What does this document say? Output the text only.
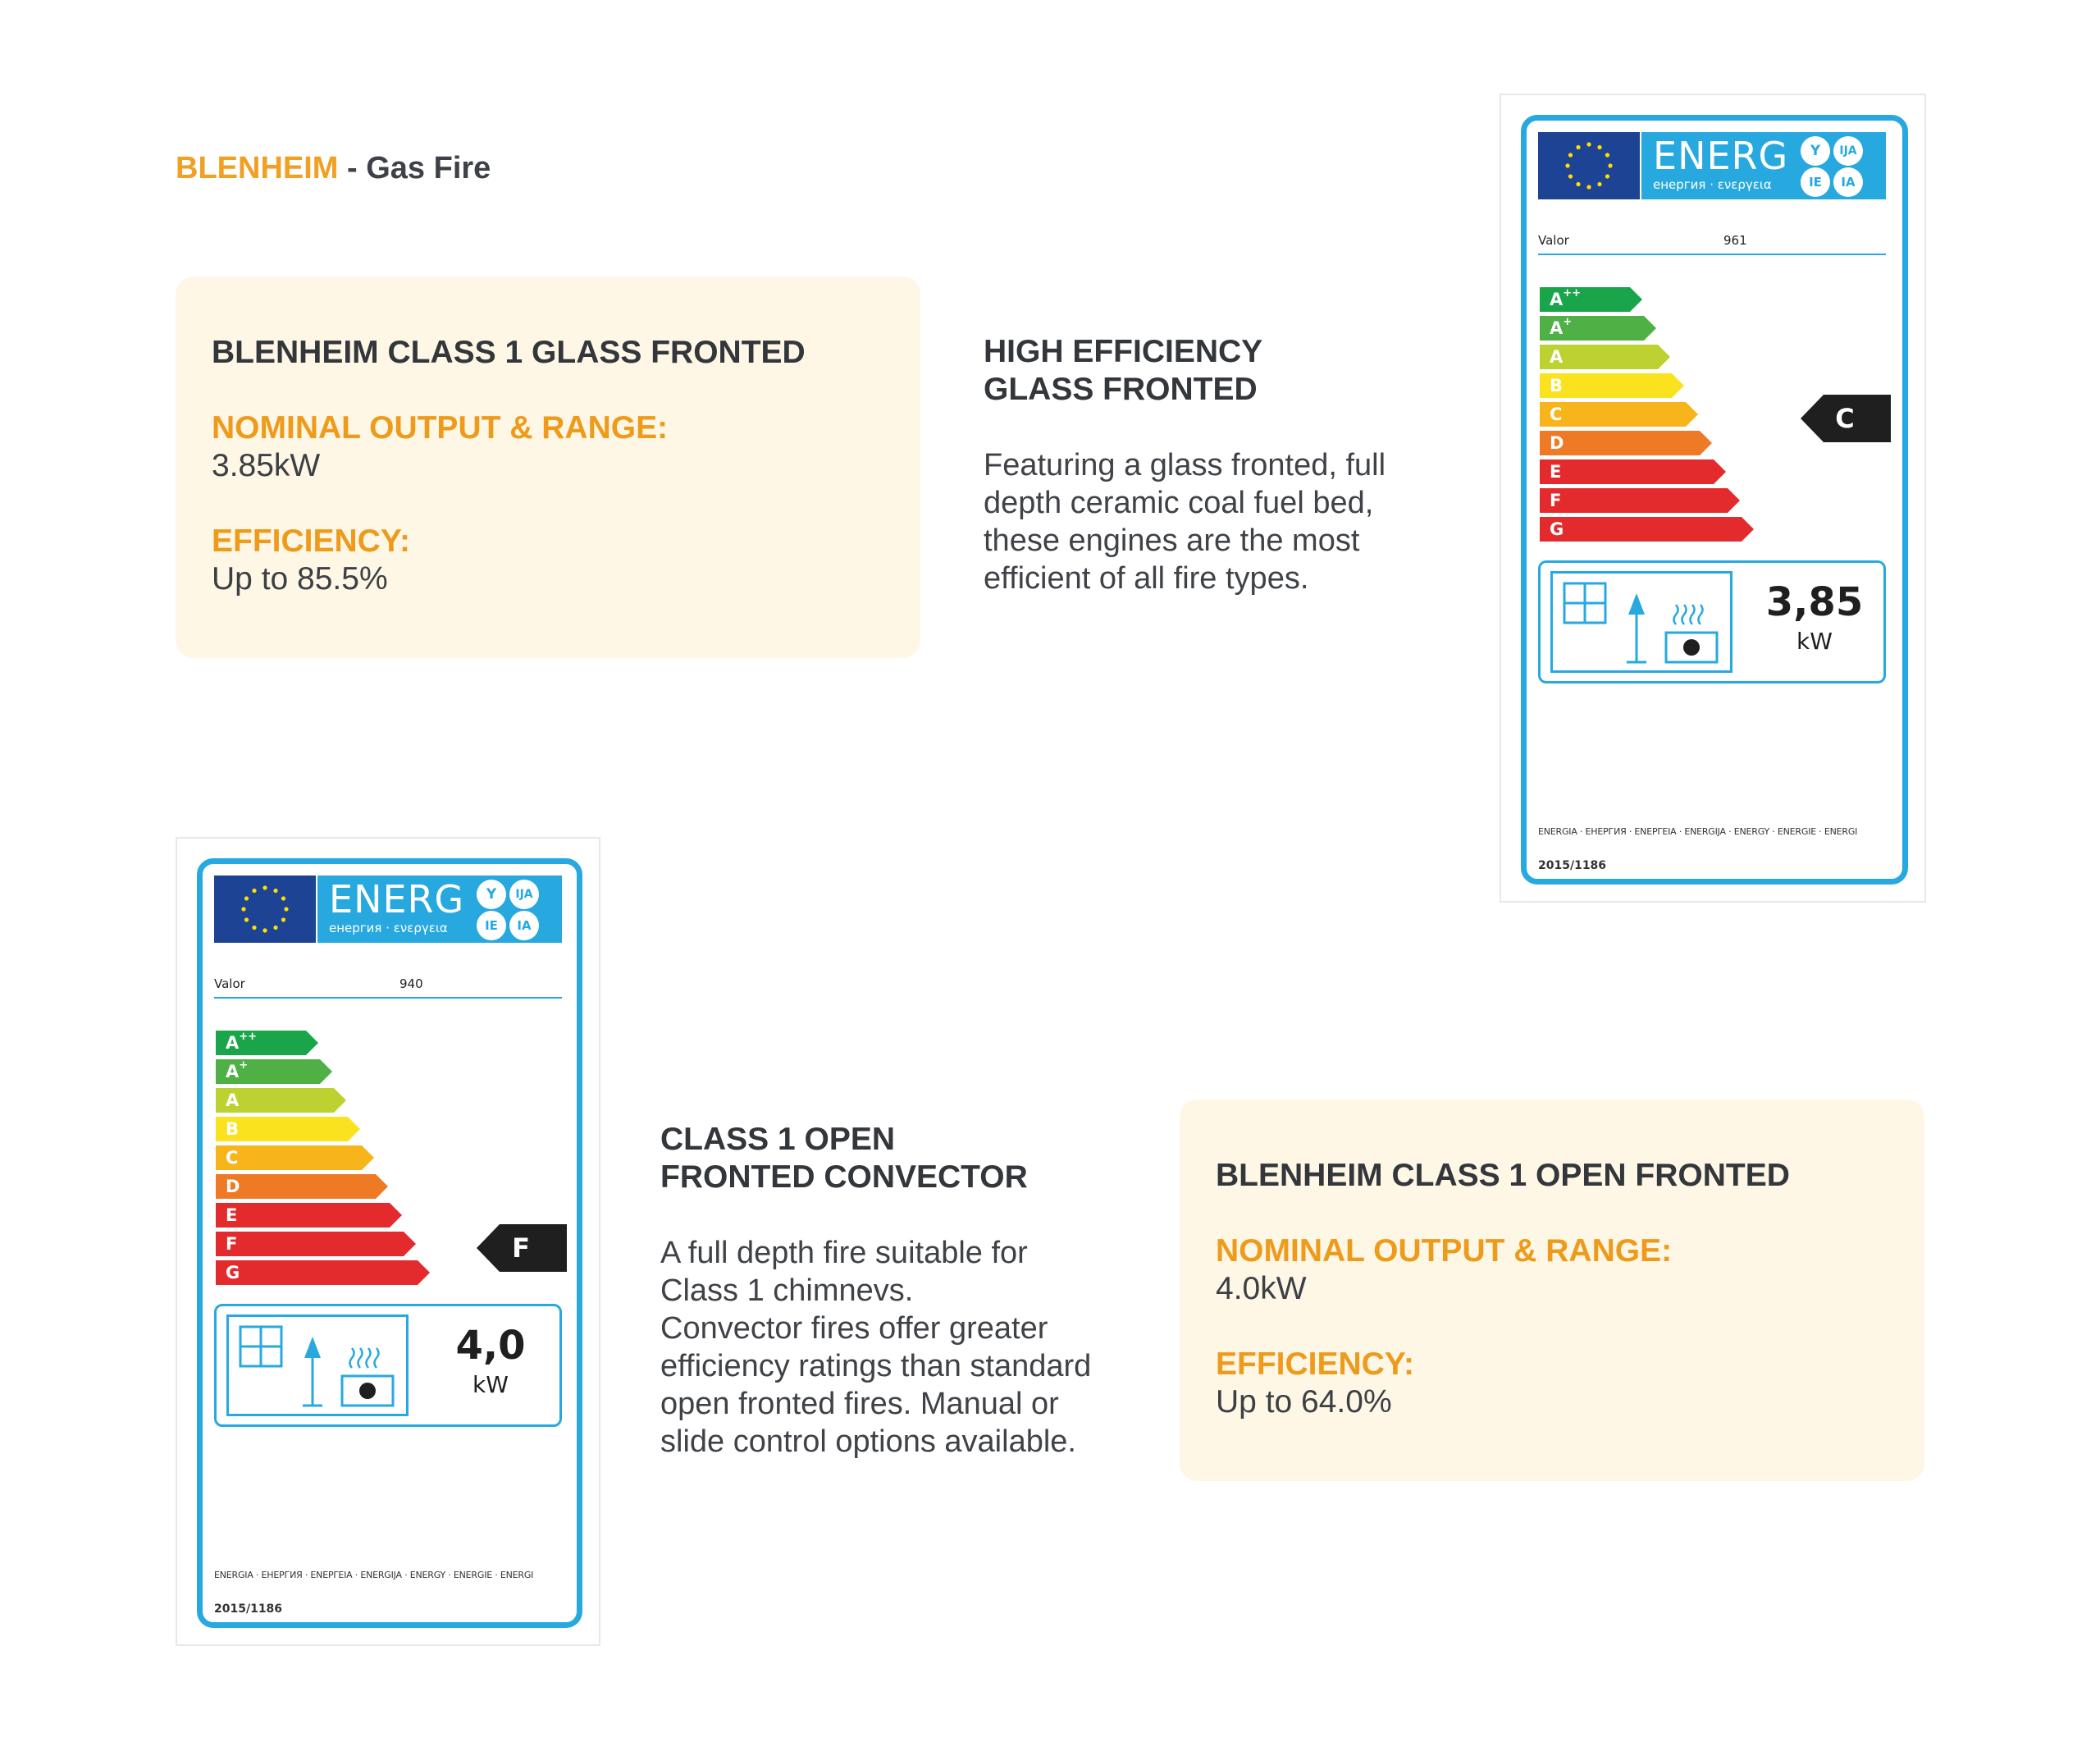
BLENHEIM - Gas Fire
BLENHEIM CLASS 1 GLASS FRONTED
NOMINAL OUTPUT & RANGE:
3.85kW
EFFICIENCY:
Up to 85.5%
HIGH EFFICIENCY
GLASS FRONTED
Featuring a glass fronted, full
depth ceramic coal fuel bed,
these engines are the most
efficient of all fire types.
ENERG
енергия · ενεργεια
Y	IJA
IE	IA
Valor	961
A++
A+
A
B
C
D
E
F
G
C
3,85
kW
ENERGIA · ЕНЕРГИЯ · ΕΝΕΡΓΕΙΑ · ENERGIJA · ENERGY · ENERGIE · ENERGI
2015/1186
ENERG
енергия · ενεργεια
Y	IJA
IE	IA
Valor	940
A++
A+
A
B
C
D
E
F
G
F
4,0
kW
ENERGIA · ЕНЕРГИЯ · ΕΝΕΡΓΕΙΑ · ENERGIJA · ENERGY · ENERGIE · ENERGI
2015/1186
CLASS 1 OPEN
FRONTED CONVECTOR
A full depth fire suitable for
Class 1 chimnevs.
Convector fires offer greater
efficiency ratings than standard
open fronted fires. Manual or
slide control options available.
BLENHEIM CLASS 1 OPEN FRONTED
NOMINAL OUTPUT & RANGE:
4.0kW
EFFICIENCY:
Up to 64.0%
